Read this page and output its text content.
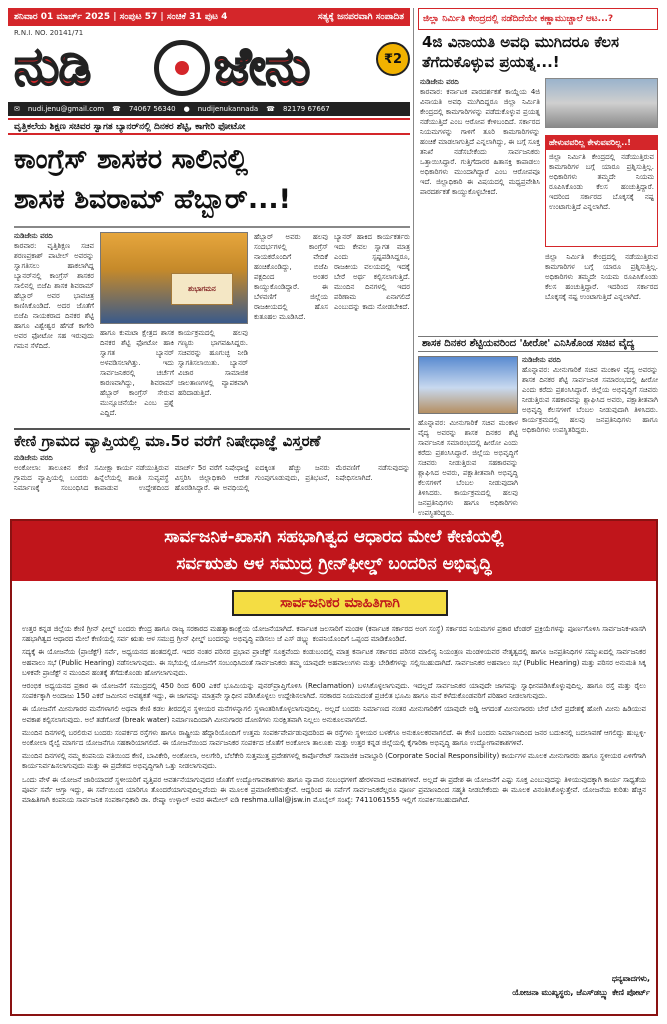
ಶನಿವಾರ 01 ಮಾರ್ಚ್ 2025 | ಸಂಪುಟ 57 | ಸಂಚಿಕೆ 31 ಪುಟ 4	ಸತ್ಯಕ್ಕೆ ಜನಪರವಾಗಿ ಸಂಪಾದಿತ
R.N.I. NO. 20141/71
ನುಡಿ ಜೇನು	₹2
✉ nudi.jenu@gmail.com ☎ 74067 56340 ● nudijenukannada ☎ 82179 67667
ವೃತ್ತಿಕಲೆಯ ಶಿಕ್ಷಣ ಸಚಿವರ ಸ್ವಾಗತ ಬ್ಯಾನರ್‌ನಲ್ಲಿ ದಿನಕರ ಶೆಟ್ಟಿ, ಕಾಗೇರಿ ಫೋಟೋ
ಕಾಂಗ್ರೆಸ್ ಶಾಸಕರ ಸಾಲಿನಲ್ಲಿ
ಶಾಸಕ ಶಿವರಾಮ್ ಹೆಬ್ಬಾರ್...!
ನುಡಿಜೇನು ವರದಿ
ಕಾರವಾರ: ವೃತ್ತಿಶಿಕ್ಷಣ ಸಚಿವ ಶರಣಪ್ರಕಾಶ್ ಪಾಟೀಲ್ ಅವರನ್ನು ಸ್ವಾಗತಿಸಲು ಹಾಕಲಾಗಿದ್ದ ಬ್ಯಾನರ್‌ನಲ್ಲಿ ಕಾಂಗ್ರೆಸ್ ಶಾಸಕರ ಸಾಲಿನಲ್ಲಿ ಬಿಜೆಪಿ ಶಾಸಕ ಶಿವರಾಮ್ ಹೆಬ್ಬಾರ್ ಅವರ ಭಾವಚಿತ್ರ ಕಾಣಿಸಿಕೊಂಡಿದೆ. ಅದರ ಜೊತೆಗೆ ಬಿಜೆಪಿ ನಾಯಕರಾದ ದಿನಕರ ಶೆಟ್ಟಿ ಹಾಗೂ ವಿಶ್ವೇಶ್ವರ ಹೆಗಡೆ ಕಾಗೇರಿ ಅವರ ಫೋಟೋ ಸಹ ಇರುವುದು ಗಮನ ಸೆಳೆದಿದೆ.
ಶುಭಾಗಮನ
ಹೆಬ್ಬಾರ್ ಅವರು ಹಲವು ಸಂದರ್ಭಗಳಲ್ಲಿ ಕಾಂಗ್ರೆಸ್ ನಾಯಕರೊಂದಿಗೆ ವೇದಿಕೆ ಹಂಚಿಕೊಂಡಿದ್ದು, ಬಿಜೆಪಿ ಪಕ್ಷದಿಂದ ಅಂತರ ಕಾಯ್ದುಕೊಂಡಿದ್ದಾರೆ. ಈ ಬೆಳವಣಿಗೆ ಜಿಲ್ಲೆಯ ರಾಜಕೀಯದಲ್ಲಿ ಹೊಸ ಕುತೂಹಲ ಮೂಡಿಸಿದೆ.
ಬ್ಯಾನರ್ ಹಾಕಿದ ಕಾರ್ಯಕರ್ತರು ಇದು ಕೇವಲ ಸ್ವಾಗತ ಮಾತ್ರ ಎಂದು ಸ್ಪಷ್ಟಪಡಿಸಿದ್ದರೂ, ರಾಜಕೀಯ ವಲಯದಲ್ಲಿ ಇದಕ್ಕೆ ಬೇರೆ ಅರ್ಥ ಕಲ್ಪಿಸಲಾಗುತ್ತಿದೆ. ಮುಂದಿನ ದಿನಗಳಲ್ಲಿ ಇದರ ಪರಿಣಾಮ ಏನಾಗಲಿದೆ ಎಂಬುದನ್ನು ಕಾದು ನೋಡಬೇಕಿದೆ.
ಹಾಗೂ ಕುಮಟಾ ಕ್ಷೇತ್ರದ ಶಾಸಕ ದಿನಕರ ಶೆಟ್ಟಿ ಫೋಟೋ ಹಾಕಿ ಸ್ವಾಗತ ಬ್ಯಾನರ್ ಅಳವಡಿಸಲಾಗಿತ್ತು. ಇದು ಸಾರ್ವಜನಿಕರಲ್ಲಿ ಚರ್ಚೆಗೆ ಕಾರಣವಾಗಿದ್ದು, ಶಿವರಾಮ್ ಹೆಬ್ಬಾರ್ ಕಾಂಗ್ರೆಸ್ ಸೇರುವ ಮುನ್ಸೂಚನೆಯೇ ಎಂಬ ಪ್ರಶ್ನೆ ಎದ್ದಿದೆ.
ಕಾರ್ಯಕ್ರಮದಲ್ಲಿ ಹಲವು ಗಣ್ಯರು ಭಾಗವಹಿಸಿದ್ದರು. ಸಚಿವರನ್ನು ಹೂಗುಚ್ಛ ನೀಡಿ ಸ್ವಾಗತಿಸಲಾಯಿತು. ಬ್ಯಾನರ್ ವಿಚಾರ ಸಾಮಾಜಿಕ ಜಾಲತಾಣಗಳಲ್ಲಿ ವ್ಯಾಪಕವಾಗಿ ಹರಿದಾಡುತ್ತಿದೆ.
ಕೇಣಿ ಗ್ರಾಮದ ವ್ಯಾಪ್ತಿಯಲ್ಲಿ ಮಾ.5ರ ವರೆಗೆ ನಿಷೇಧಾಜ್ಞೆ ವಿಸ್ತರಣೆ
ನುಡಿಜೇನು ವರದಿ
ಅಂಕೋಲಾ: ತಾಲೂಕಿನ ಕೇಣಿ ಗ್ರಾಮದ ವ್ಯಾಪ್ತಿಯಲ್ಲಿ ಬಂದರು ನಿರ್ಮಾಣಕ್ಕೆ ಸಂಬಂಧಿಸಿದ ಸಮೀಕ್ಷಾ ಕಾರ್ಯ ನಡೆಯುತ್ತಿರುವ ಹಿನ್ನೆಲೆಯಲ್ಲಿ ಶಾಂತಿ ಸುವ್ಯವಸ್ಥೆ ಕಾಪಾಡುವ ಉದ್ದೇಶದಿಂದ ಮಾರ್ಚ್ 5ರ ವರೆಗೆ ನಿಷೇಧಾಜ್ಞೆ ವಿಸ್ತರಿಸಿ ಜಿಲ್ಲಾಧಿಕಾರಿ ಆದೇಶ ಹೊರಡಿಸಿದ್ದಾರೆ. ಈ ಅವಧಿಯಲ್ಲಿ ಐದಕ್ಕಿಂತ ಹೆಚ್ಚು ಜನರು ಗುಂಪುಗೂಡುವುದು, ಪ್ರತಿಭಟನೆ, ಮೆರವಣಿಗೆ ನಡೆಸುವುದನ್ನು ನಿಷೇಧಿಸಲಾಗಿದೆ.
ಜಿಲ್ಲಾ ನಿರ್ಮಿತಿ ಕೇಂದ್ರದಲ್ಲಿ ನಡೆದಿದೆಯೇ ಕಣ್ಣಾಮುಚ್ಚಾಲೆ ಆಟ...?
4ಜಿ ವಿನಾಯತಿ ಅವಧಿ ಮುಗಿದರೂ ಕೆಲಸ ತೆಗೆದುಕೊಳ್ಳುವ ಪ್ರಯತ್ನ...!
ನುಡಿಜೇನು ವರದಿ
ಕಾರವಾರ: ಕರ್ನಾಟಕ ಪಾರದರ್ಶಕತೆ ಕಾಯ್ದೆಯ 4ಜಿ ವಿನಾಯತಿ ಅವಧಿ ಮುಗಿದಿದ್ದರೂ ಜಿಲ್ಲಾ ನಿರ್ಮಿತಿ ಕೇಂದ್ರದಲ್ಲಿ ಕಾಮಗಾರಿಗಳನ್ನು ಪಡೆದುಕೊಳ್ಳುವ ಪ್ರಯತ್ನ ನಡೆಯುತ್ತಿದೆ ಎಂಬ ಆರೋಪ ಕೇಳಿಬಂದಿದೆ. ಸರ್ಕಾರದ ನಿಯಮಗಳನ್ನು ಗಾಳಿಗೆ ತೂರಿ ಕಾಮಗಾರಿಗಳನ್ನು ಹಂಚಿಕೆ ಮಾಡಲಾಗುತ್ತಿದೆ ಎನ್ನಲಾಗಿದ್ದು, ಈ ಬಗ್ಗೆ ಸೂಕ್ತ ತನಿಖೆ ನಡೆಸಬೇಕೆಂದು ಸಾರ್ವಜನಿಕರು ಒತ್ತಾಯಿಸಿದ್ದಾರೆ. ಗುತ್ತಿಗೆದಾರರ ಹಿತಾಸಕ್ತಿ ಕಾಪಾಡಲು ಅಧಿಕಾರಿಗಳು ಮುಂದಾಗಿದ್ದಾರೆ ಎಂಬ ಆರೋಪವೂ ಇದೆ. ಜಿಲ್ಲಾಧಿಕಾರಿ ಈ ವಿಷಯದಲ್ಲಿ ಮಧ್ಯಪ್ರವೇಶಿಸಿ ಪಾರದರ್ಶಕತೆ ಕಾಯ್ದುಕೊಳ್ಳಬೇಕಿದೆ.
ಹೇಳುವವರಿಲ್ಲ ಕೇಳುವವರಿಲ್ಲ..!
ಜಿಲ್ಲಾ ನಿರ್ಮಿತಿ ಕೇಂದ್ರದಲ್ಲಿ ನಡೆಯುತ್ತಿರುವ ಕಾಮಗಾರಿಗಳ ಬಗ್ಗೆ ಯಾರೂ ಪ್ರಶ್ನಿಸುತ್ತಿಲ್ಲ. ಅಧಿಕಾರಿಗಳು ತಮ್ಮದೇ ನಿಯಮ ರೂಪಿಸಿಕೊಂಡು ಕೆಲಸ ಹಂಚುತ್ತಿದ್ದಾರೆ. ಇದರಿಂದ ಸರ್ಕಾರದ ಬೊಕ್ಕಸಕ್ಕೆ ನಷ್ಟ ಉಂಟಾಗುತ್ತಿದೆ ಎನ್ನಲಾಗಿದೆ.
ಜಿಲ್ಲಾ ನಿರ್ಮಿತಿ ಕೇಂದ್ರದಲ್ಲಿ ನಡೆಯುತ್ತಿರುವ ಕಾಮಗಾರಿಗಳ ಬಗ್ಗೆ ಯಾರೂ ಪ್ರಶ್ನಿಸುತ್ತಿಲ್ಲ. ಅಧಿಕಾರಿಗಳು ತಮ್ಮದೇ ನಿಯಮ ರೂಪಿಸಿಕೊಂಡು ಕೆಲಸ ಹಂಚುತ್ತಿದ್ದಾರೆ. ಇದರಿಂದ ಸರ್ಕಾರದ ಬೊಕ್ಕಸಕ್ಕೆ ನಷ್ಟ ಉಂಟಾಗುತ್ತಿದೆ ಎನ್ನಲಾಗಿದೆ.
ಶಾಸಕ ದಿನಕರ ಶೆಟ್ಟಿಯವರಿಂದ 'ಹೀರೋ' ಎನಿಸಿಕೊಂಡ ಸಚಿವ ವೈದ್ಯ
ನುಡಿಜೇನು ವರದಿ
ಹೊನ್ನಾವರ: ಮೀನುಗಾರಿಕೆ ಸಚಿವ ಮಂಕಾಳ ವೈದ್ಯ ಅವರನ್ನು ಶಾಸಕ ದಿನಕರ ಶೆಟ್ಟಿ ಸಾರ್ವಜನಿಕ ಸಮಾರಂಭದಲ್ಲಿ ಹೀರೋ ಎಂದು ಕರೆದು ಪ್ರಶಂಸಿಸಿದ್ದಾರೆ. ಜಿಲ್ಲೆಯ ಅಭಿವೃದ್ಧಿಗೆ ಸಚಿವರು ನೀಡುತ್ತಿರುವ ಸಹಕಾರವನ್ನು ಶ್ಲಾಘಿಸಿದ ಅವರು, ಪಕ್ಷಾತೀತವಾಗಿ ಅಭಿವೃದ್ಧಿ ಕೆಲಸಗಳಿಗೆ ಬೆಂಬಲ ನೀಡುವುದಾಗಿ ತಿಳಿಸಿದರು. ಕಾರ್ಯಕ್ರಮದಲ್ಲಿ ಹಲವು ಜನಪ್ರತಿನಿಧಿಗಳು ಹಾಗೂ ಅಧಿಕಾರಿಗಳು ಉಪಸ್ಥಿತರಿದ್ದರು.
ಹೊನ್ನಾವರ: ಮೀನುಗಾರಿಕೆ ಸಚಿವ ಮಂಕಾಳ ವೈದ್ಯ ಅವರನ್ನು ಶಾಸಕ ದಿನಕರ ಶೆಟ್ಟಿ ಸಾರ್ವಜನಿಕ ಸಮಾರಂಭದಲ್ಲಿ ಹೀರೋ ಎಂದು ಕರೆದು ಪ್ರಶಂಸಿಸಿದ್ದಾರೆ. ಜಿಲ್ಲೆಯ ಅಭಿವೃದ್ಧಿಗೆ ಸಚಿವರು ನೀಡುತ್ತಿರುವ ಸಹಕಾರವನ್ನು ಶ್ಲಾಘಿಸಿದ ಅವರು, ಪಕ್ಷಾತೀತವಾಗಿ ಅಭಿವೃದ್ಧಿ ಕೆಲಸಗಳಿಗೆ ಬೆಂಬಲ ನೀಡುವುದಾಗಿ ತಿಳಿಸಿದರು. ಕಾರ್ಯಕ್ರಮದಲ್ಲಿ ಹಲವು ಜನಪ್ರತಿನಿಧಿಗಳು ಹಾಗೂ ಅಧಿಕಾರಿಗಳು ಉಪಸ್ಥಿತರಿದ್ದರು.
ಸಾರ್ವಜನಿಕ-ಖಾಸಗಿ ಸಹಭಾಗಿತ್ವದ ಆಧಾರದ ಮೇಲೆ ಕೇಣಿಯಲ್ಲಿ
ಸರ್ವಋತು ಆಳ ಸಮುದ್ರ ಗ್ರೀನ್‌ಫೀಲ್ಡ್ ಬಂದರಿನ ಅಭಿವೃದ್ಧಿ
ಸಾರ್ವಜನಿಕರ ಮಾಹಿತಿಗಾಗಿ

ಉತ್ತರ ಕನ್ನಡ ಜಿಲ್ಲೆಯ ಕೇಣಿ ಗ್ರೀನ್ ಫೀಲ್ಡ್ ಬಂದರು ಕೇಂದ್ರ ಹಾಗೂ ರಾಜ್ಯ ಸರಕಾರದ ಮಹತ್ವಾಕಾಂಕ್ಷೆಯ ಯೋಜನೆಯಾಗಿದೆ. ಕರ್ನಾಟಕ ಜಲಸಾರಿಗೆ ಮಂಡಳಿ (ಕರ್ನಾಟಕ ಸರ್ಕಾರದ ಅಂಗ ಸಂಸ್ಥೆ) ಸರ್ಕಾರದ ನಿಯಮಗಳ ಪ್ರಕಾರ ಟೆಂಡರ್ ಪ್ರಕ್ರಿಯೆಗಳನ್ನು ಪೂರ್ಣಗೊಳಿಸಿ ಸಾರ್ವಜನಿಕ-ಖಾಸಗಿ ಸಹಭಾಗಿತ್ವದ ಆಧಾರದ ಮೇಲೆ ಕೇಣಿಯಲ್ಲಿ ಸರ್ವ ಋತು ಆಳ ಸಮುದ್ರ ಗ್ರೀನ್ ಫೀಲ್ಡ್ ಬಂದರನ್ನು ಅಭಿವೃದ್ಧಿ ಪಡಿಸಲು ಜೆ ಎಸ್ ಡಬ್ಲ್ಯು ಕಂಪನಿಯೊಂದಿಗೆ ಒಪ್ಪಂದ ಮಾಡಿಕೊಂಡಿದೆ.

ಸದ್ಯಕ್ಕೆ ಈ ಯೋಜನೆಯ (ಪ್ರಾಜೆಕ್ಟ್) ಸರ್ವೆ, ಅಧ್ಯಯನದ ಹಂತದಲ್ಲಿದೆ. ಇದರ ನಂತರ ಪರಿಸರ ಪ್ರಭಾವ ಪ್ರಾಜೆಕ್ಟ್ ಸೂಕ್ತವೆಂದು ಕಂಡುಬಂದಲ್ಲಿ ಮಾತ್ರ ಕರ್ನಾಟಕ ಸರ್ಕಾರದ ಪರಿಸರ ಮಾಲಿನ್ಯ ನಿಯಂತ್ರಣ ಮಂಡಳಿಯವರ ನೇತೃತ್ವದಲ್ಲಿ ಹಾಗೂ ಜನಪ್ರತಿನಿಧಿಗಳ ಸಮ್ಮುಖದಲ್ಲಿ ಸಾರ್ವಜನಿಕರ ಅಹವಾಲು ಸಭೆ (Public Hearing) ನಡೆಸಲಾಗುವುದು. ಈ ಸಭೆಯಲ್ಲಿ ಯೋಜನೆಗೆ ಸಂಬಂಧಿಸಿದಂತೆ ಸಾರ್ವಜನಿಕರು ತಮ್ಮ ಯಾವುದೇ ಅಹವಾಲುಗಳು ಮತ್ತು ಬೇಡಿಕೆಗಳನ್ನು ಸಲ್ಲಿಸಬಹುದಾಗಿದೆ. ಸಾರ್ವಜನಿಕರ ಅಹವಾಲು ಸಭೆ (Public Hearing) ಮತ್ತು ಪರಿಸರ ಅನುಮತಿ ಸಿಕ್ಕ ಬಳಿಕವೇ ಪ್ರಾಜೆಕ್ಟ್ ನ ಮುಂದಿನ ಹಂತಕ್ಕೆ ತೆಗೆದುಕೊಂಡು ಹೋಗಲಾಗುವುದು.

ಆರಂಭಿಕ ಅಧ್ಯಯನದ ಪ್ರಕಾರ ಈ ಯೋಜನೆಗೆ ಸಮುದ್ರದಲ್ಲಿ 450 ರಿಂದ 600 ಎಕರೆ ಭೂಮಿಯನ್ನು ಪುನರ್‌ಪ್ರಾಪ್ತಿಗೊಳಿಸಿ (Reclamation) ಬಳಸಿಕೊಳ್ಳಲಾಗುವುದು. ಇದಲ್ಲದೆ ಸಾರ್ವಜನಿಕರ ಯಾವುದೇ ಜಾಗವನ್ನು ಸ್ವಾಧೀನಪಡಿಸಿಕೊಳ್ಳುವುದಿಲ್ಲ. ಹಾಗೂ ರಸ್ತೆ ಮತ್ತು ರೈಲು ಸಂಪರ್ಕಕ್ಕಾಗಿ ಅಂದಾಜು 150 ಎಕರೆ ಜಮೀನಿನ ಅವಶ್ಯಕತೆ ಇದ್ದು, ಈ ಜಾಗವನ್ನು ಮಾತ್ರವೇ ಸ್ವಾಧೀನ ಪಡಿಸಿಕೊಳ್ಳಲು ಉದ್ದೇಶಿಸಲಾಗಿದೆ. ಸರಕಾರದ ನಿಯಮದಂತೆ ಪ್ರಚಲಿತ ಭೂಮಿ ಹಾಗೂ ಮನೆ ಕಳೆದುಕೊಂಡವರಿಗೆ ಪರಿಹಾರ ನೀಡಲಾಗುವುದು.

ಈ ಯೋಜನೆಗೆ ಮೀನುಗಾರರ ಮನೆಗಳಾಗಲಿ ಅಥವಾ ಕೇಣಿ ಕಡಲ ತೀರದಲ್ಲಿನ ಸ್ಥಳೀಯರ ಮನೆಗಳನ್ನಾಗಲಿ ಸ್ಥಳಾಂತರಿಸಿಕೊಳ್ಳಲಾಗುವುದಿಲ್ಲ. ಅಲ್ಲದೆ ಬಂದರು ನಿರ್ಮಾಣದ ನಂತರ ಮೀನುಗಾರಿಕೆಗೆ ಯಾವುದೇ ಅಡ್ಡಿ ಆಗದಂತೆ ಮೀನುಗಾರರು ಬೇರೆ ಬೇರೆ ಪ್ರದೇಶಕ್ಕೆ ಹೋಗಿ ಮೀನು ಹಿಡಿಯುವ ಅವಕಾಶ ಕಲ್ಪಿಸಲಾಗುವುದು. ಅಲೆ ತಡೆಗೋಡೆ (break water) ನಿರ್ಮಾಣದಿಂದಾಗಿ ಮೀನುಗಾರರ ದೋಣಿಗಳು ಸುರಕ್ಷಿತವಾಗಿ ನಿಲ್ಲಲು ಅನುಕೂಲವಾಗಲಿದೆ.

ಮುಂದಿನ ದಿನಗಳಲ್ಲಿ ಬರಲಿರುವ ಬಂದರು ಸಂಪರ್ಕದ ರಸ್ತೆಗಳು ಹಾಗೂ ರಾಷ್ಟ್ರೀಯ ಹೆದ್ದಾರಿಯೊಂದಿಗೆ ಉತ್ತಮ ಸಂಪರ್ಕವೇರ್ಪಡುವುದರಿಂದ ಈ ರಸ್ತೆಗಳು ಸ್ಥಳೀಯರ ಬಳಕೆಗೂ ಅನುಕೂಲಕರವಾಗಲಿದೆ. ಈ ಕೇಣಿ ಬಂದರು ನಿರ್ಮಾಣದಿಂದ ಜನರ ಬದುಕಿನಲ್ಲಿ ಬದಲಾವಣೆ ಆಗಲಿದ್ದು ಹುಬ್ಬಳ್ಳಿ-ಅಂಕೋಲಾ ರೈಲ್ವೆ ಮಾರ್ಗದ ಯೋಜನೆಗೂ ಸಹಕಾರಿಯಾಗಲಿದೆ. ಈ ಯೋಜನೆಯಿಂದ ಸಾರ್ವಜನಿಕರ ಸಂಪರ್ಕದ ಜೊತೆಗೆ ಅಂಕೋಲಾ ತಾಲೂಕು ಮತ್ತು ಉತ್ತರ ಕನ್ನಡ ಜಿಲ್ಲೆಯಲ್ಲಿ ಕೈಗಾರಿಕಾ ಅಭಿವೃದ್ಧಿ ಹಾಗೂ ಉದ್ಯೋಗಾವಕಾಶಗಳಿವೆ.

ಮುಂದಿನ ದಿನಗಳಲ್ಲಿ ನಮ್ಮ ಕಂಪನಿಯ ವತಿಯಿಂದ ಕೇಣಿ, ಬಾವಿಕೇರಿ, ಅಂಕೋಲಾ, ಅಲಗೇರಿ, ಬೆಲೆಕೇರಿ ಸುತ್ತಮುತ್ತ ಪ್ರದೇಶಗಳಲ್ಲಿ ಕಾರ್ಪೊರೇಟ್ ಸಾಮಾಜಿಕ ಜವಾಬ್ದಾರಿ (Corporate Social Responsibility) ಕಾರ್ಯಗಳ ಮೂಲಕ ಮೀನುಗಾರರು ಹಾಗೂ ಸ್ಥಳೀಯರ ಏಳಿಗೆಗಾಗಿ ಕಾರ್ಯನಿರ್ವಹಿಸಲಾಗುವುದು ಮತ್ತು ಈ ಪ್ರದೇಶದ ಅಭಿವೃದ್ಧಿಗಾಗಿ ಒತ್ತು ನೀಡಲಾಗುವುದು.

ಒಂದು ವೇಳೆ ಈ ಯೋಜನೆ ಜಾರಿಯಾದರೆ ಸ್ಥಳೀಯರಿಗೆ ವೃತ್ತಿಪರ ಆವರ್ತನೆಯಾಗುವುದರ ಜೊತೆಗೆ ಉದ್ಯೋಗಾವಕಾಶಗಳು ಹಾಗೂ ವ್ಯಾಪಾರ ಸಂಬಂಧಗಳಿಗೆ ಹೇರಳವಾದ ಅವಕಾಶಗಳಿವೆ. ಅಲ್ಲದೆ ಈ ಪ್ರದೇಶ ಈ ಯೋಜನೆಗೆ ಎಷ್ಟು ಸೂಕ್ತ ಎಂಬುವುದನ್ನು ತಿಳಿಯುವುದಕ್ಕಾಗಿ ಕಾರ್ಯ ಸಾಧ್ಯತೆಯ ಪೂರ್ವ ಸರ್ವೆ ಆಗ್ತಾ ಇದ್ದು, ಈ ಸರ್ವೆಯಿಂದ ಯಾರಿಗೂ ತೊಂದರೆಯಾಗುವುದಿಲ್ಲವೆಂದು ಈ ಮೂಲಕ ಪ್ರಮಾಣೀಕರಿಸುತ್ತೇವೆ. ಆದ್ದರಿಂದ ಈ ಸರ್ವೆಗೆ ಸಾರ್ವಜನಿಕರೆಲ್ಲರೂ ಪೂರ್ಣ ಪ್ರಮಾಣದಿಂದ ಸಹ್ಮತಿ ನೀಡಬೇಕೆಂದು ಈ ಮೂಲಕ ವಿನಂತಿಸಿಕೊಳ್ಳುತ್ತೇವೆ. ಯೋಜನೆಯ ಕುರಿತು ಹೆಚ್ಚಿನ ಮಾಹಿತಿಗಾಗಿ ಕಂಪನಿಯ ಸಾರ್ವಜನಿಕ ಸಂಪರ್ಕಾಧಿಕಾರಿ ಡಾ. ರೇಷ್ಮಾ ಉಳ್ಳಾಲ್ ಅವರ ಈಮೇಲ್ ಐಡಿ reshma.ullal@jsw.in ಮೊಬೈಲ್ ಸಂಖ್ಯೆ: 7411061555 ಇಲ್ಲಿಗೆ ಸಂಪರ್ಕಿಸಬಹುದಾಗಿದೆ.

ಧನ್ಯವಾದಗಳು,
ಯೋಜನಾ ಮುಖ್ಯಸ್ಥರು, ಜೆಎಸ್‌ಡಬ್ಲ್ಯು ಕೇಣಿ ಪೋರ್ಟ್
